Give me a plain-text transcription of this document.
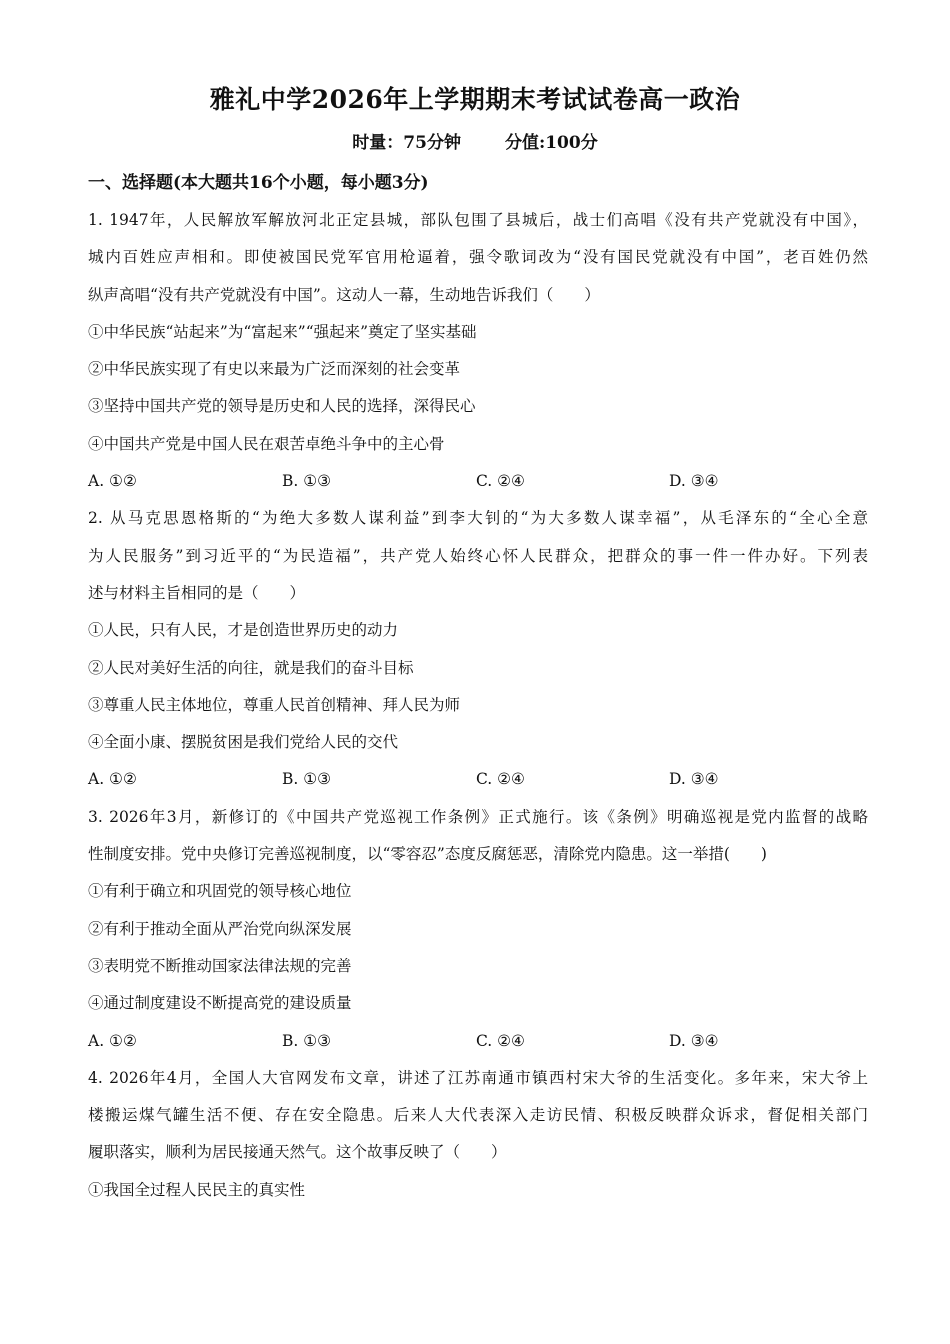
雅礼中学2026年上学期期末考试试卷高一政治
时量：75分钟	分值:100分
一、选择题(本大题共16个小题，每小题3分)
1. 1947年，人民解放军解放河北正定县城，部队包围了县城后，战士们高唱《没有共产党就没有中国》，
城内百姓应声相和。即使被国民党军官用枪逼着，强令歌词改为“没有国民党就没有中国”，老百姓仍然
纵声高唱“没有共产党就没有中国”。这动人一幕，生动地告诉我们（　　）
①中华民族“站起来”为“富起来”“强起来”奠定了坚实基础
②中华民族实现了有史以来最为广泛而深刻的社会变革
③坚持中国共产党的领导是历史和人民的选择，深得民心
④中国共产党是中国人民在艰苦卓绝斗争中的主心骨
A. ①②	B. ①③	C. ②④	D. ③④
2. 从马克思恩格斯的“为绝大多数人谋利益”到李大钊的“为大多数人谋幸福”，从毛泽东的“全心全意
为人民服务”到习近平的“为民造福”，共产党人始终心怀人民群众，把群众的事一件一件办好。下列表
述与材料主旨相同的是（　　）
①人民，只有人民，才是创造世界历史的动力
②人民对美好生活的向往，就是我们的奋斗目标
③尊重人民主体地位，尊重人民首创精神、拜人民为师
④全面小康、摆脱贫困是我们党给人民的交代
A. ①②	B. ①③	C. ②④	D. ③④
3. 2026年3月，新修订的《中国共产党巡视工作条例》正式施行。该《条例》明确巡视是党内监督的战略
性制度安排。党中央修订完善巡视制度，以“零容忍”态度反腐惩恶，清除党内隐患。这一举措(　　)
①有利于确立和巩固党的领导核心地位
②有利于推动全面从严治党向纵深发展
③表明党不断推动国家法律法规的完善
④通过制度建设不断提高党的建设质量
A. ①②	B. ①③	C. ②④	D. ③④
4. 2026年4月，全国人大官网发布文章，讲述了江苏南通市镇西村宋大爷的生活变化。多年来，宋大爷上
楼搬运煤气罐生活不便、存在安全隐患。后来人大代表深入走访民情、积极反映群众诉求，督促相关部门
履职落实，顺利为居民接通天然气。这个故事反映了（　　）
①我国全过程人民民主的真实性
